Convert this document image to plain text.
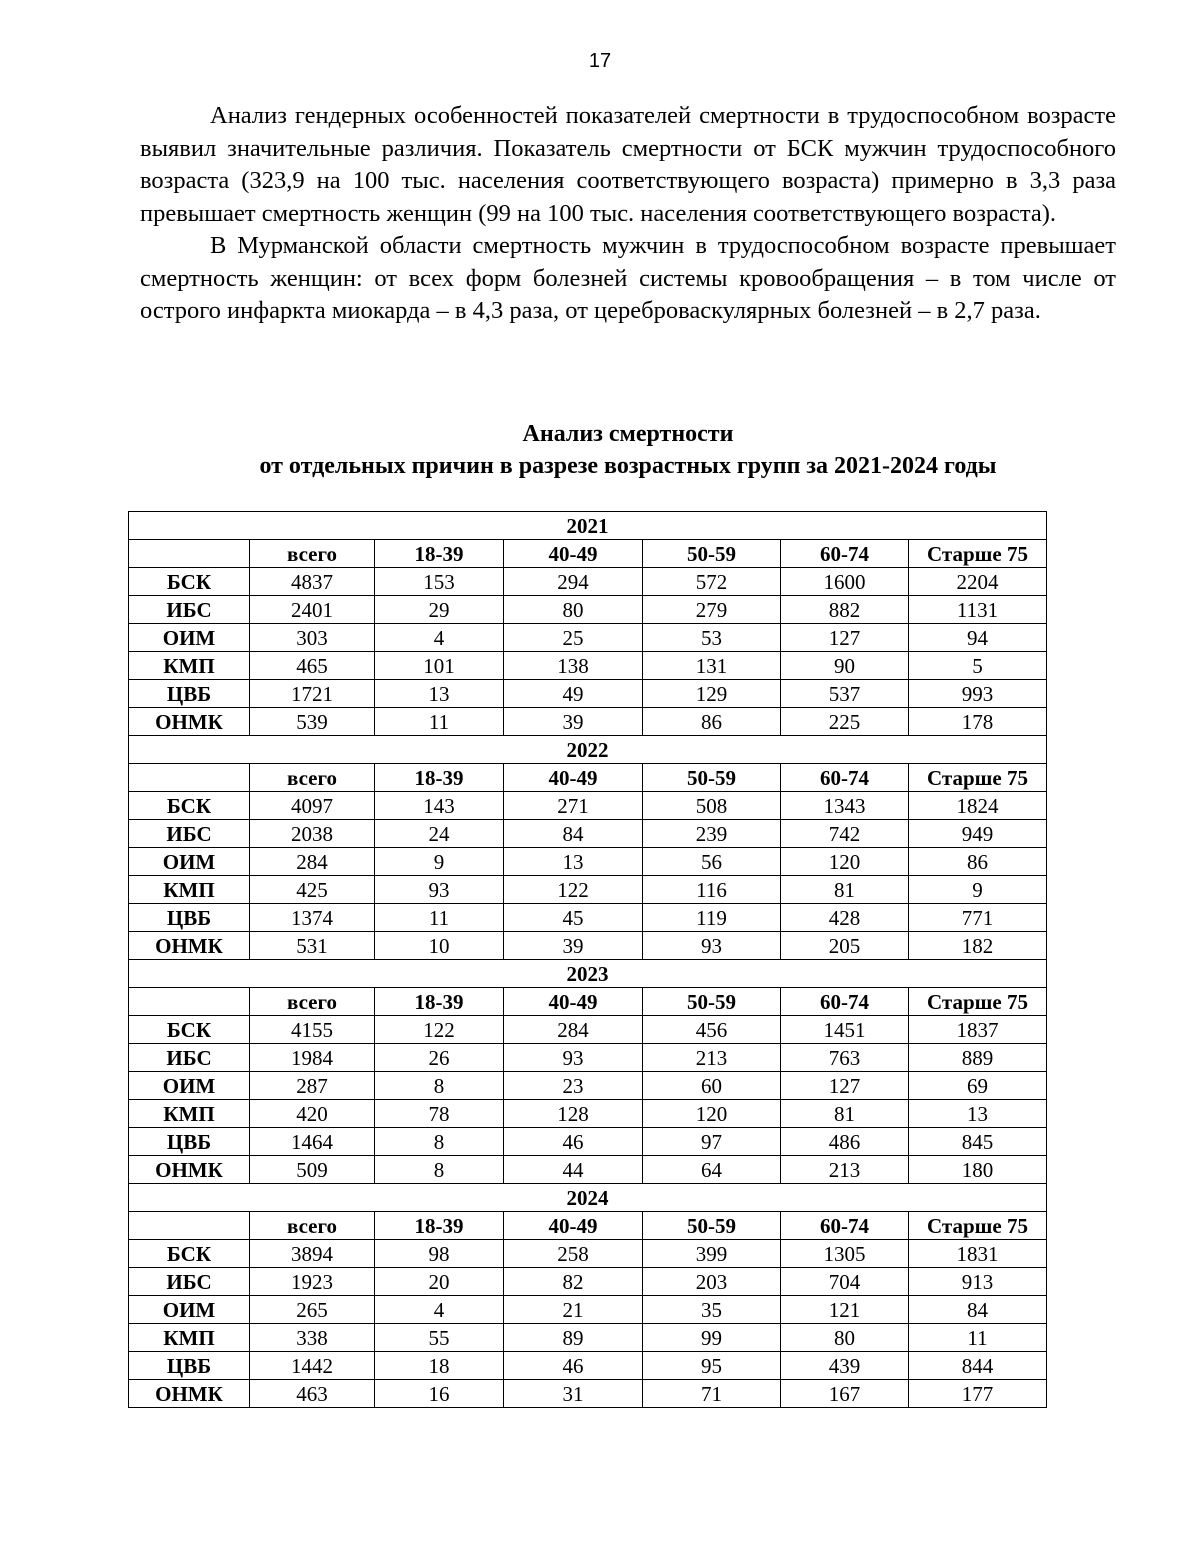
17

Анализ гендерных особенностей показателей смертности в трудоспособном возрасте выявил значительные различия. Показатель смертности от БСК мужчин трудоспособного возраста (323,9 на 100 тыс. населения соответствующего возраста) примерно в 3,3 раза превышает смертность женщин (99 на 100 тыс. населения соответствующего возраста).

В Мурманской области смертность мужчин в трудоспособном возрасте превышает смертность женщин: от всех форм болезней системы кровообращения – в том числе от острого инфаркта миокарда – в 4,3 раза, от цереброваскулярных болезней – в 2,7 раза.

Анализ смертности
от отдельных причин в разрезе возрастных групп за 2021-2024 годы
2021						
	всего	18-39	40-49	50-59	60-74	Старше 75
БСК	4837	153	294	572	1600	2204
ИБС	2401	29	80	279	882	1131
ОИМ	303	4	25	53	127	94
КМП	465	101	138	131	90	5
ЦВБ	1721	13	49	129	537	993
ОНМК	539	11	39	86	225	178
2022						
	всего	18-39	40-49	50-59	60-74	Старше 75
БСК	4097	143	271	508	1343	1824
ИБС	2038	24	84	239	742	949
ОИМ	284	9	13	56	120	86
КМП	425	93	122	116	81	9
ЦВБ	1374	11	45	119	428	771
ОНМК	531	10	39	93	205	182
2023						
	всего	18-39	40-49	50-59	60-74	Старше 75
БСК	4155	122	284	456	1451	1837
ИБС	1984	26	93	213	763	889
ОИМ	287	8	23	60	127	69
КМП	420	78	128	120	81	13
ЦВБ	1464	8	46	97	486	845
ОНМК	509	8	44	64	213	180
2024						
	всего	18-39	40-49	50-59	60-74	Старше 75
БСК	3894	98	258	399	1305	1831
ИБС	1923	20	82	203	704	913
ОИМ	265	4	21	35	121	84
КМП	338	55	89	99	80	11
ЦВБ	1442	18	46	95	439	844
ОНМК	463	16	31	71	167	177
